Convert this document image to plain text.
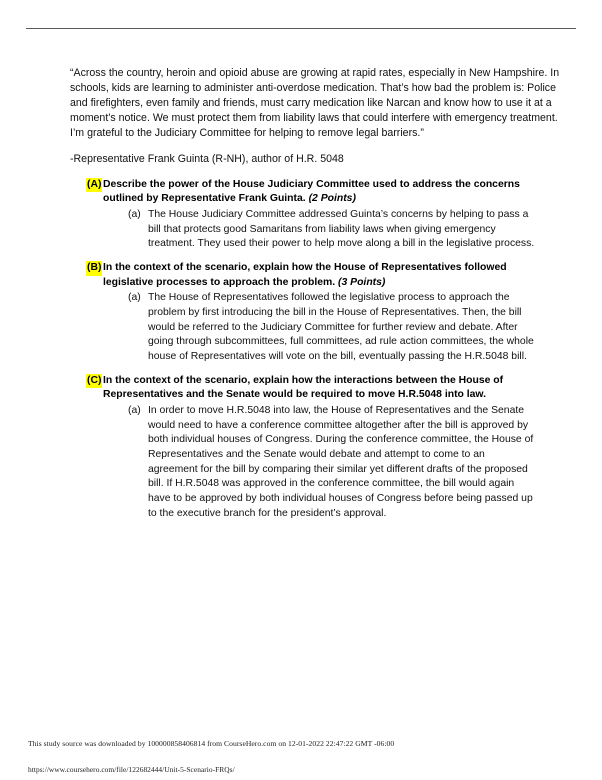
“Across the country, heroin and opioid abuse are growing at rapid rates, especially in New Hampshire. In schools, kids are learning to administer anti-overdose medication. That’s how bad the problem is: Police and firefighters, even family and friends, must carry medication like Narcan and know how to use it at a moment’s notice. We must protect them from liability laws that could interfere with emergency treatment. I’m grateful to the Judiciary Committee for helping to remove legal barriers.”

-Representative Frank Guinta (R-NH), author of H.R. 5048

(A) Describe the power of the House Judiciary Committee used to address the concerns outlined by Representative Frank Guinta. (2 Points)
(a) The House Judiciary Committee addressed Guinta’s concerns by helping to pass a bill that protects good Samaritans from liability laws when giving emergency treatment. They used their power to help move along a bill in the legislative process.
(B) In the context of the scenario, explain how the House of Representatives followed legislative processes to approach the problem. (3 Points)
(a) The House of Representatives followed the legislative process to approach the problem by first introducing the bill in the House of Representatives. Then, the bill would be referred to the Judiciary Committee for further review and debate. After going through subcommittees, full committees, ad rule action committees, the whole house of Representatives will vote on the bill, eventually passing the H.R.5048 bill.
(C) In the context of the scenario, explain how the interactions between the House of Representatives and the Senate would be required to move H.R.5048 into law.
(a) In order to move H.R.5048 into law, the House of Representatives and the Senate would need to have a conference committee altogether after the bill is approved by both individual houses of Congress. During the conference committee, the House of Representatives and the Senate would debate and attempt to come to an agreement for the bill by comparing their similar yet different drafts of the proposed bill. If H.R.5048 was approved in the conference committee, the bill would again have to be approved by both individual houses of Congress before being passed up to the executive branch for the president’s approval.
This study source was downloaded by 100000858406814 from CourseHero.com on 12-01-2022 22:47:22 GMT -06:00
https://www.coursehero.com/file/122682444/Unit-5-Scenario-FRQs/
